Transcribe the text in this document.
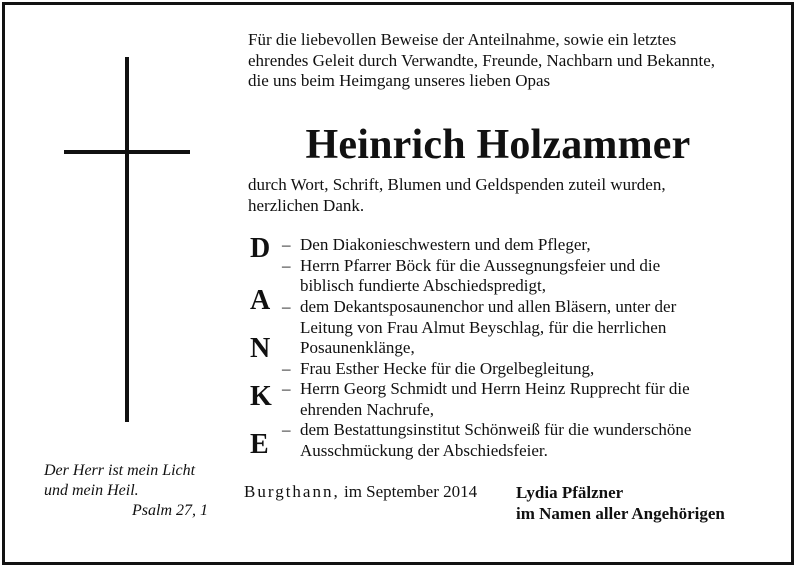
Für die liebevollen Beweise der Anteilnahme, sowie ein letztes
ehrendes Geleit durch Verwandte, Freunde, Nachbarn und Bekannte,
die uns beim Heimgang unseres lieben Opas
Heinrich Holzammer
durch Wort, Schrift, Blumen und Geldspenden zuteil wurden,
herzlichen Dank.
D
A
N
K
E
–
–
–
–
–
–
Den Diakonieschwestern und dem Pfleger,
Herrn Pfarrer Böck für die Aussegnungsfeier und die
biblisch fundierte Abschiedspredigt,
dem Dekantsposaunenchor und allen Bläsern, unter der
Leitung von Frau Almut Beyschlag, für die herrlichen
Posaunenklänge,
Frau Esther Hecke für die Orgelbegleitung,
Herrn Georg Schmidt und Herrn Heinz Rupprecht für die
ehrenden Nachrufe,
dem Bestattungsinstitut Schönweiß für die wunderschöne
Ausschmückung der Abschiedsfeier.
Der Herr ist mein Licht
und mein Heil.
Psalm 27, 1
Burgthann, im September 2014 Lydia Pfälzner
im Namen aller Angehörigen
